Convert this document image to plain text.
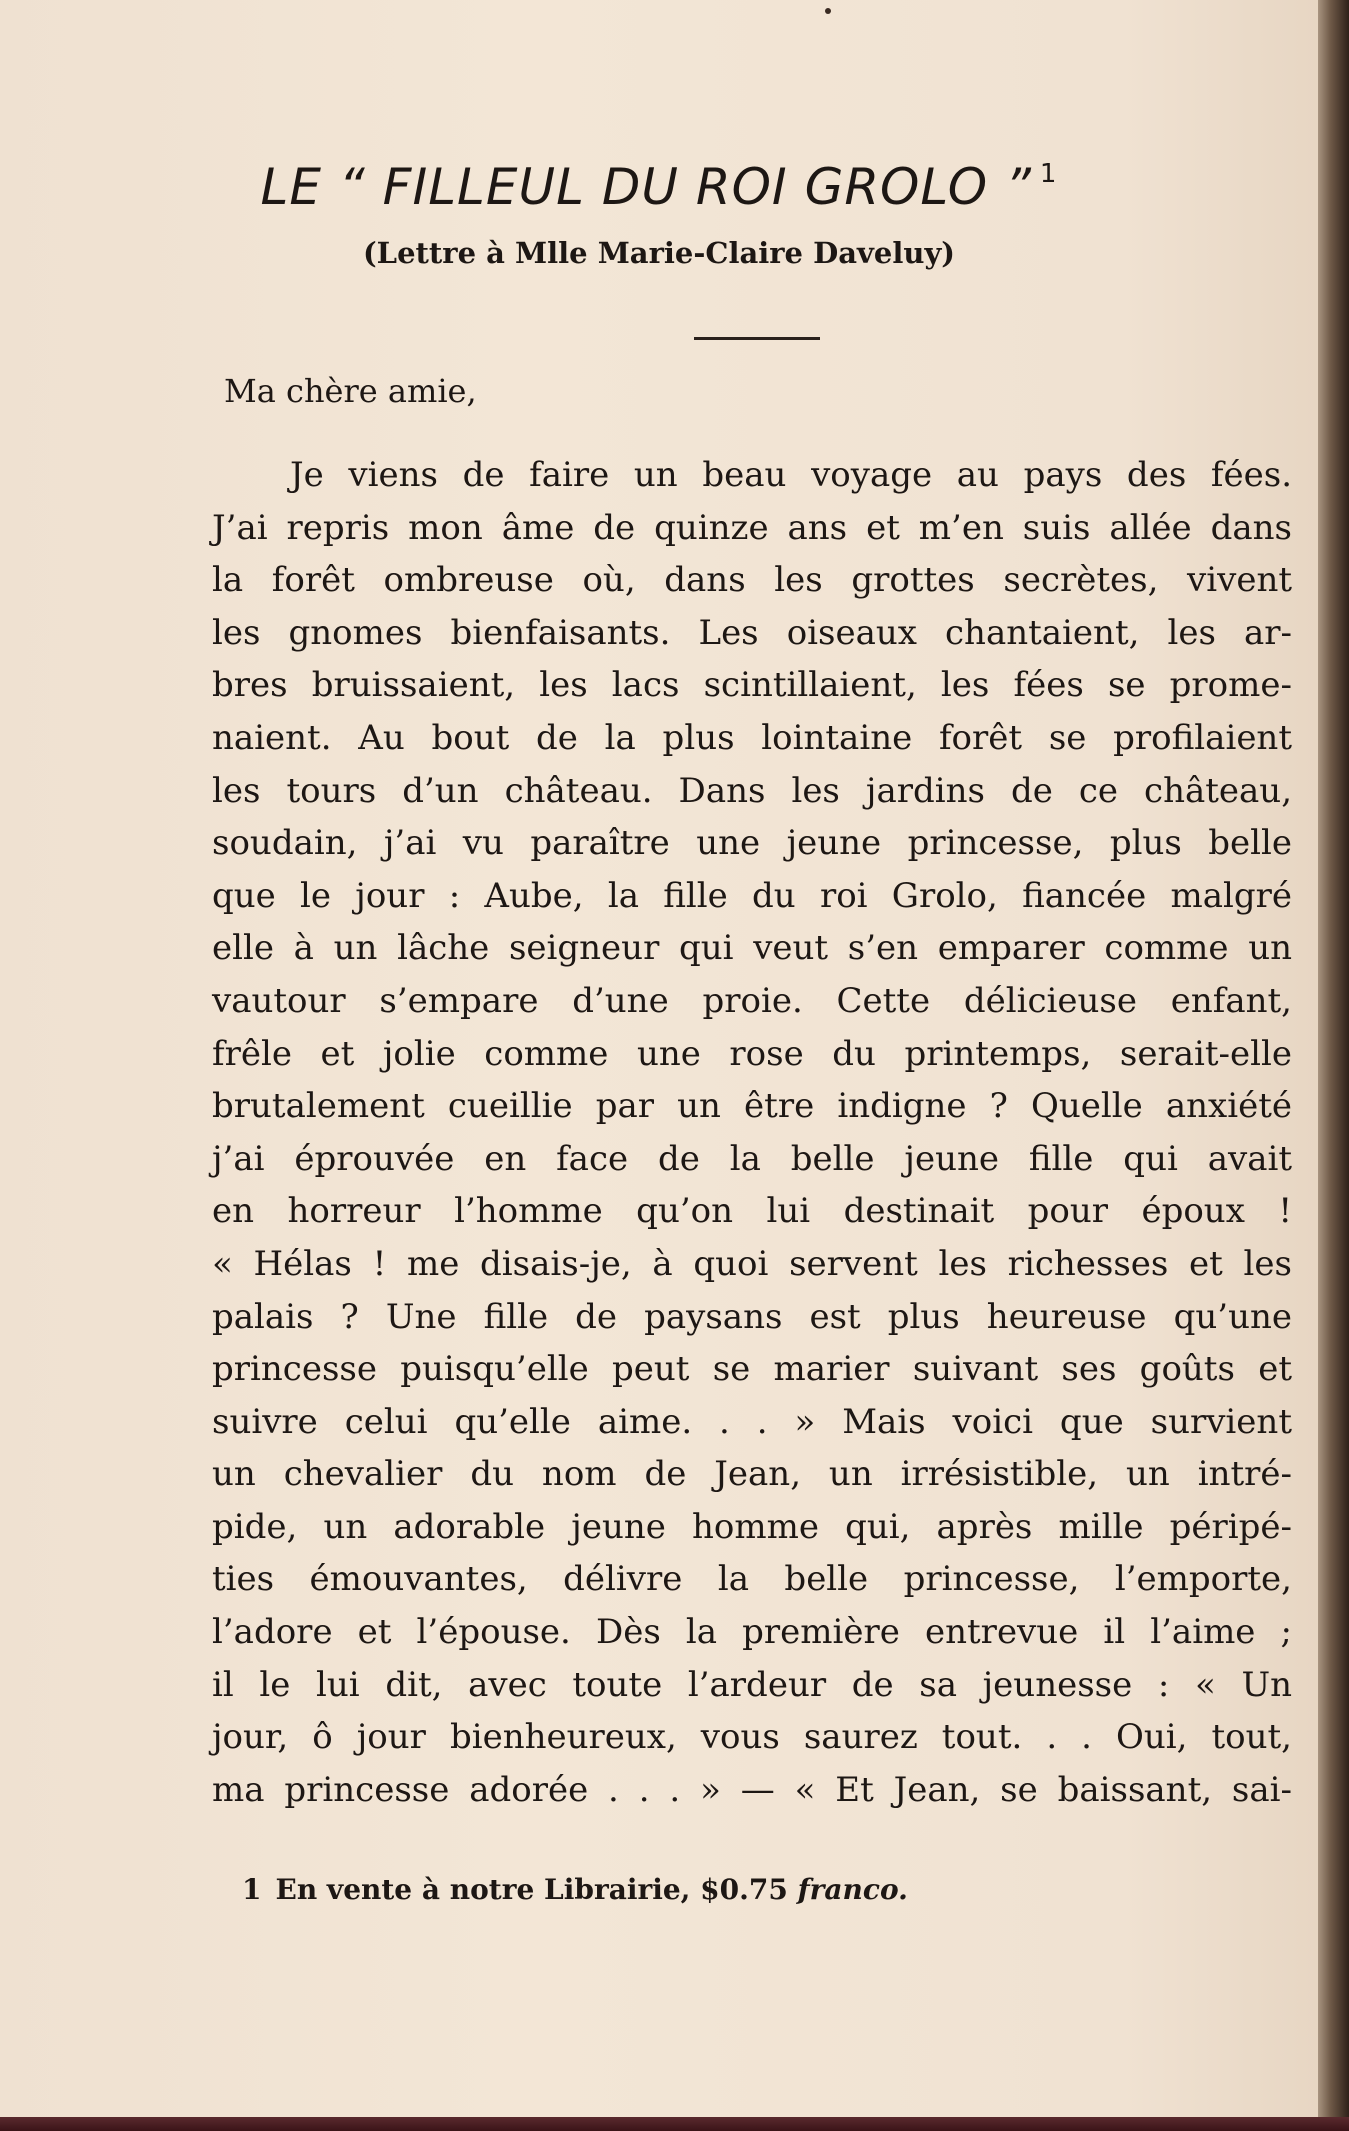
LE “ FILLEUL DU ROI GROLO ” $^1$
(Lettre à Mlle Marie-Claire Daveluy)
Ma chère amie,
Je viens de faire un beau voyage au pays des fées.
J’ai repris mon âme de quinze ans et m’en suis allée dans
la forêt ombreuse où, dans les grottes secrètes, vivent
les gnomes bienfaisants. Les oiseaux chantaient, les ar-
bres bruissaient, les lacs scintillaient, les fées se prome-
naient. Au bout de la plus lointaine forêt se profilaient
les tours d’un château. Dans les jardins de ce château,
soudain, j’ai vu paraître une jeune princesse, plus belle
que le jour : Aube, la fille du roi Grolo, fiancée malgré
elle à un lâche seigneur qui veut s’en emparer comme un
vautour s’empare d’une proie. Cette délicieuse enfant,
frêle et jolie comme une rose du printemps, serait-elle
brutalement cueillie par un être indigne ? Quelle anxiété
j’ai éprouvée en face de la belle jeune fille qui avait
en horreur l’homme qu’on lui destinait pour époux !
« Hélas ! me disais-je, à quoi servent les richesses et les
palais ? Une fille de paysans est plus heureuse qu’une
princesse puisqu’elle peut se marier suivant ses goûts et
suivre celui qu’elle aime. . . » Mais voici que survient
un chevalier du nom de Jean, un irrésistible, un intré-
pide, un adorable jeune homme qui, après mille péripé-
ties émouvantes, délivre la belle princesse, l’emporte,
l’adore et l’épouse. Dès la première entrevue il l’aime ;
il le lui dit, avec toute l’ardeur de sa jeunesse : « Un
jour, ô jour bienheureux, vous saurez tout. . . Oui, tout,
ma princesse adorée . . . » — « Et Jean, se baissant, sai-
1 En vente à notre Librairie, $0.75 franco.
